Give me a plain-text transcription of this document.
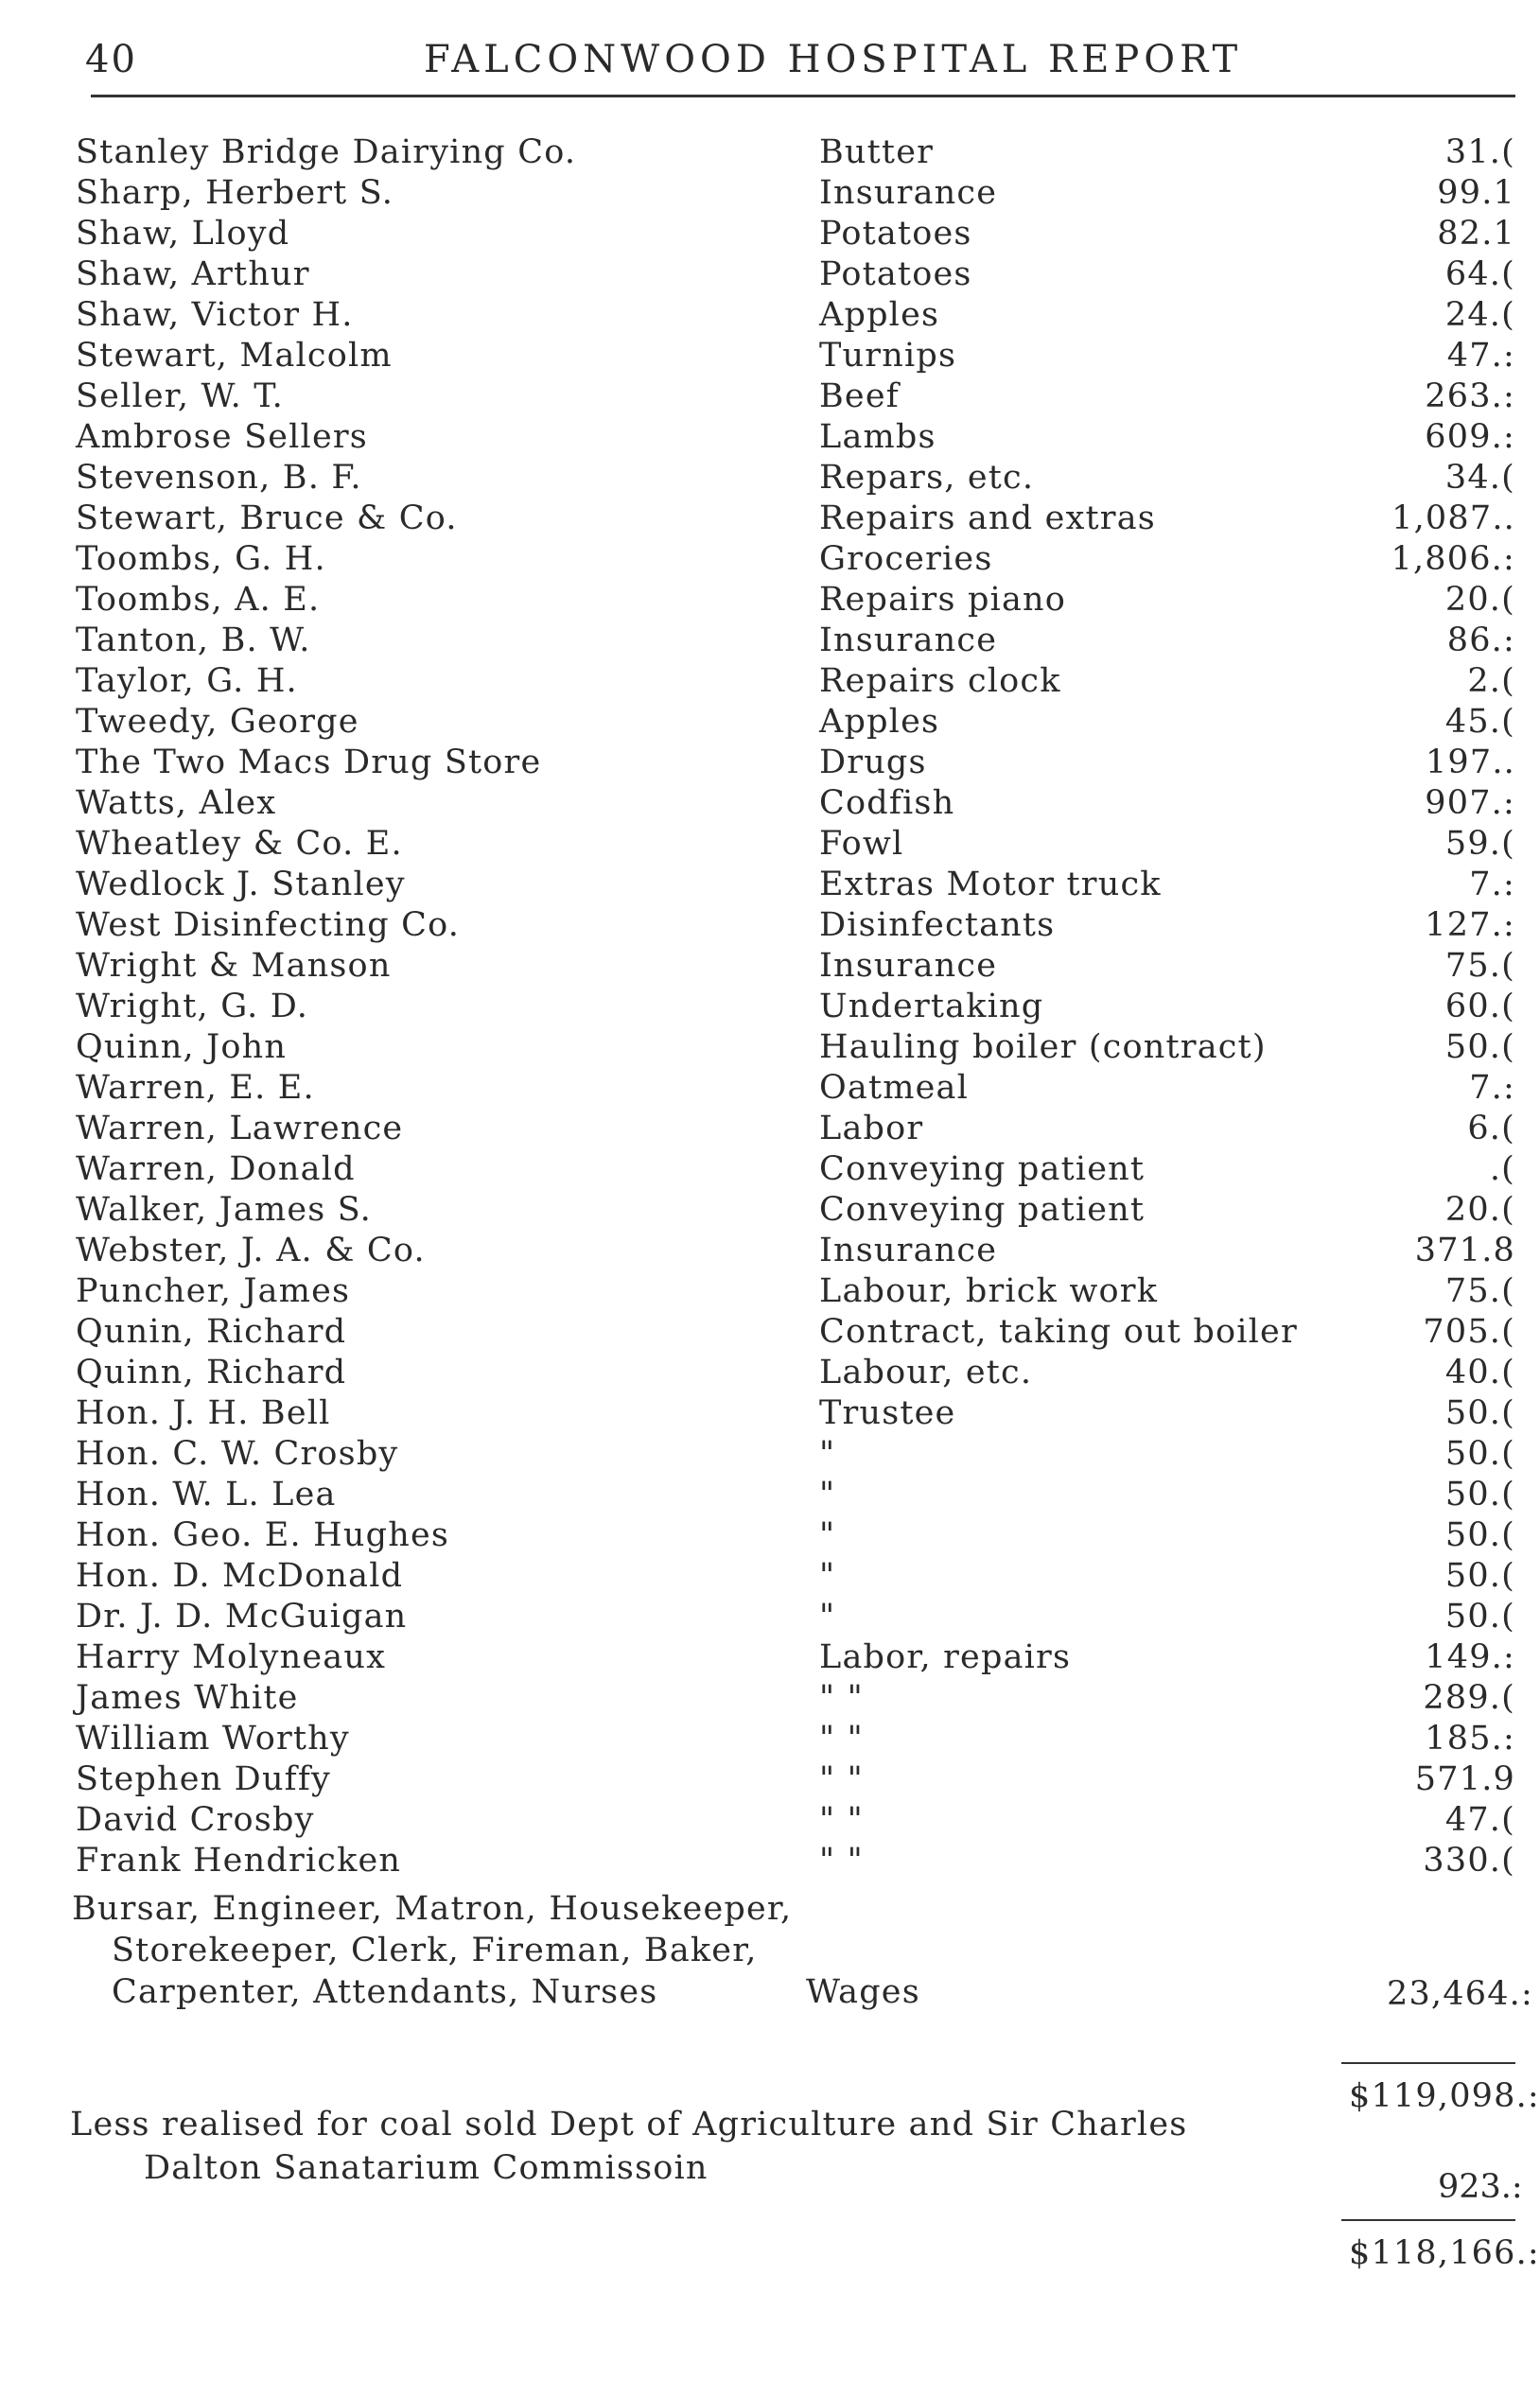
40	FALCONWOOD HOSPITAL REPORT
Stanley Bridge Dairying Co.	Butter	31.(
Sharp, Herbert S.	Insurance	99.1
Shaw, Lloyd	Potatoes	82.1
Shaw, Arthur	Potatoes	64.(
Shaw, Victor H.	Apples	24.(
Stewart, Malcolm	Turnips	47.:
Seller, W. T.	Beef	263.:
Ambrose Sellers	Lambs	609.:
Stevenson, B. F.	Repars, etc.	34.(
Stewart, Bruce & Co.	Repairs and extras	1,087..
Toombs, G. H.	Groceries	1,806.:
Toombs, A. E.	Repairs piano	20.(
Tanton, B. W.	Insurance	86.:
Taylor, G. H.	Repairs clock	2.(
Tweedy, George	Apples	45.(
The Two Macs Drug Store	Drugs	197..
Watts, Alex	Codfish	907.:
Wheatley & Co. E.	Fowl	59.(
Wedlock J. Stanley	Extras Motor truck	7.:
West Disinfecting Co.	Disinfectants	127.:
Wright & Manson	Insurance	75.(
Wright, G. D.	Undertaking	60.(
Quinn, John	Hauling boiler (contract)	50.(
Warren, E. E.	Oatmeal	7.:
Warren, Lawrence	Labor	6.(
Warren, Donald	Conveying patient	.(
Walker, James S.	Conveying patient	20.(
Webster, J. A. & Co.	Insurance	371.8
Puncher, James	Labour, brick work	75.(
Qunin, Richard	Contract, taking out boiler	705.(
Quinn, Richard	Labour, etc.	40.(
Hon. J. H. Bell	Trustee	50.(
Hon. C. W. Crosby	"	50.(
Hon. W. L. Lea	"	50.(
Hon. Geo. E. Hughes	"	50.(
Hon. D. McDonald	"	50.(
Dr. J. D. McGuigan	"	50.(
Harry Molyneaux	Labor, repairs	149.:
James White	" "	289.(
William Worthy	" "	185.:
Stephen Duffy	" "	571.9
David Crosby	" "	47.(
Frank Hendricken	" "	330.(
Bursar, Engineer, Matron, Housekeeper,
Storekeeper, Clerk, Fireman, Baker,
Carpenter, Attendants, Nurses	Wages	23,464.:
$119,098.:
Less realised for coal sold Dept of Agriculture and Sir Charles
Dalton Sanatarium Commissoin	923.:
$118,166.:
